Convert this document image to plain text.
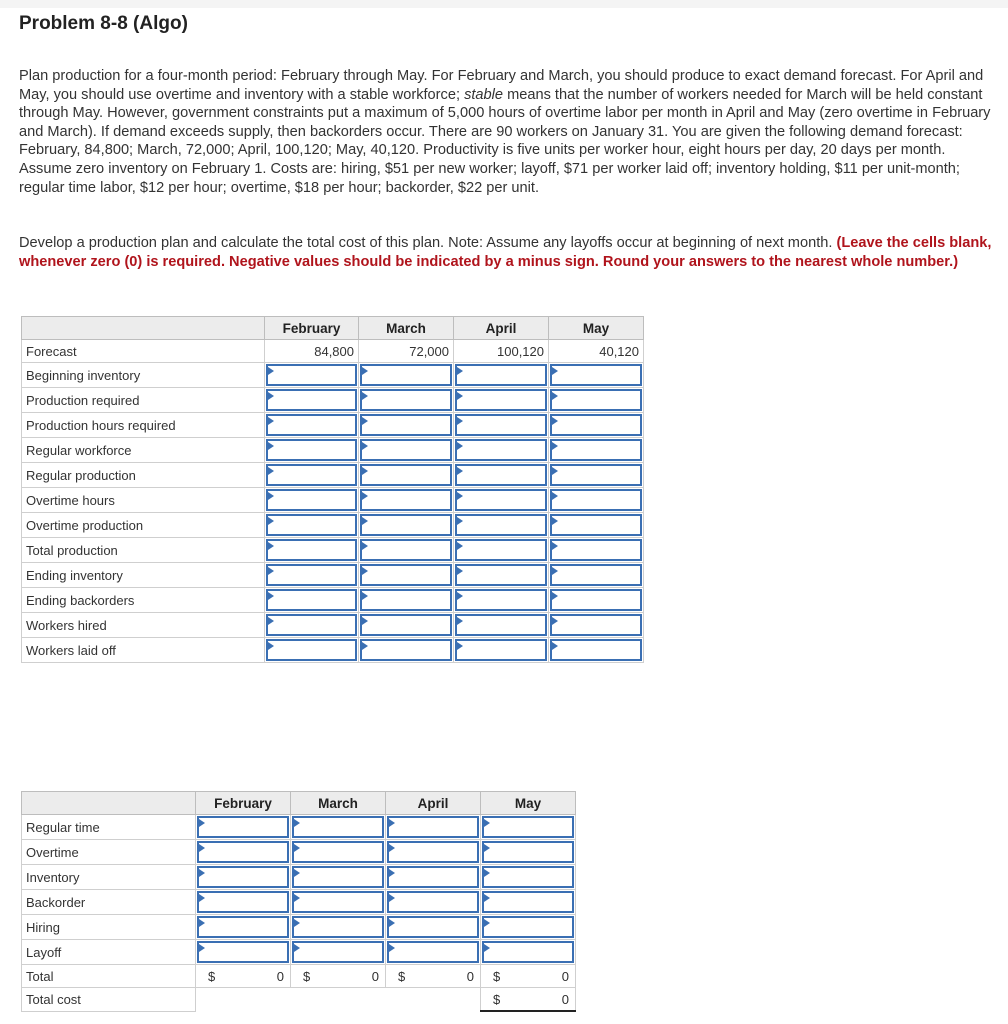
Problem 8-8 (Algo)

Plan production for a four-month period: February through May. For February and March, you should produce to exact demand forecast. For April and May, you should use overtime and inventory with a stable workforce; stable means that the number of workers needed for March will be held constant through May. However, government constraints put a maximum of 5,000 hours of overtime labor per month in April and May (zero overtime in February and March). If demand exceeds supply, then backorders occur. There are 90 workers on January 31. You are given the following demand forecast: February, 84,800; March, 72,000; April, 100,120; May, 40,120. Productivity is five units per worker hour, eight hours per day, 20 days per month. Assume zero inventory on February 1. Costs are: hiring, $51 per new worker; layoff, $71 per worker laid off; inventory holding, $11 per unit-month; regular time labor, $12 per hour; overtime, $18 per hour; backorder, $22 per unit.

Develop a production plan and calculate the total cost of this plan. Note: Assume any layoffs occur at beginning of next month. (Leave the cells blank, whenever zero (0) is required. Negative values should be indicated by a minus sign. Round your answers to the nearest whole number.)

	February	March	April	May
Forecast	84,800	72,000	100,120	40,120
Beginning inventory	

Production required	

Production hours required	

Regular workforce	

Regular production	

Overtime hours	

Overtime production	

Total production	

Ending inventory	

Ending backorders	

Workers hired	

Workers laid off	

	February	March	April	May
Regular time	

Overtime	

Inventory	

Backorder	

Hiring	

Layoff	

Total	$ 0	$ 0	$ 0	$ 0

Total cost				$ 0
